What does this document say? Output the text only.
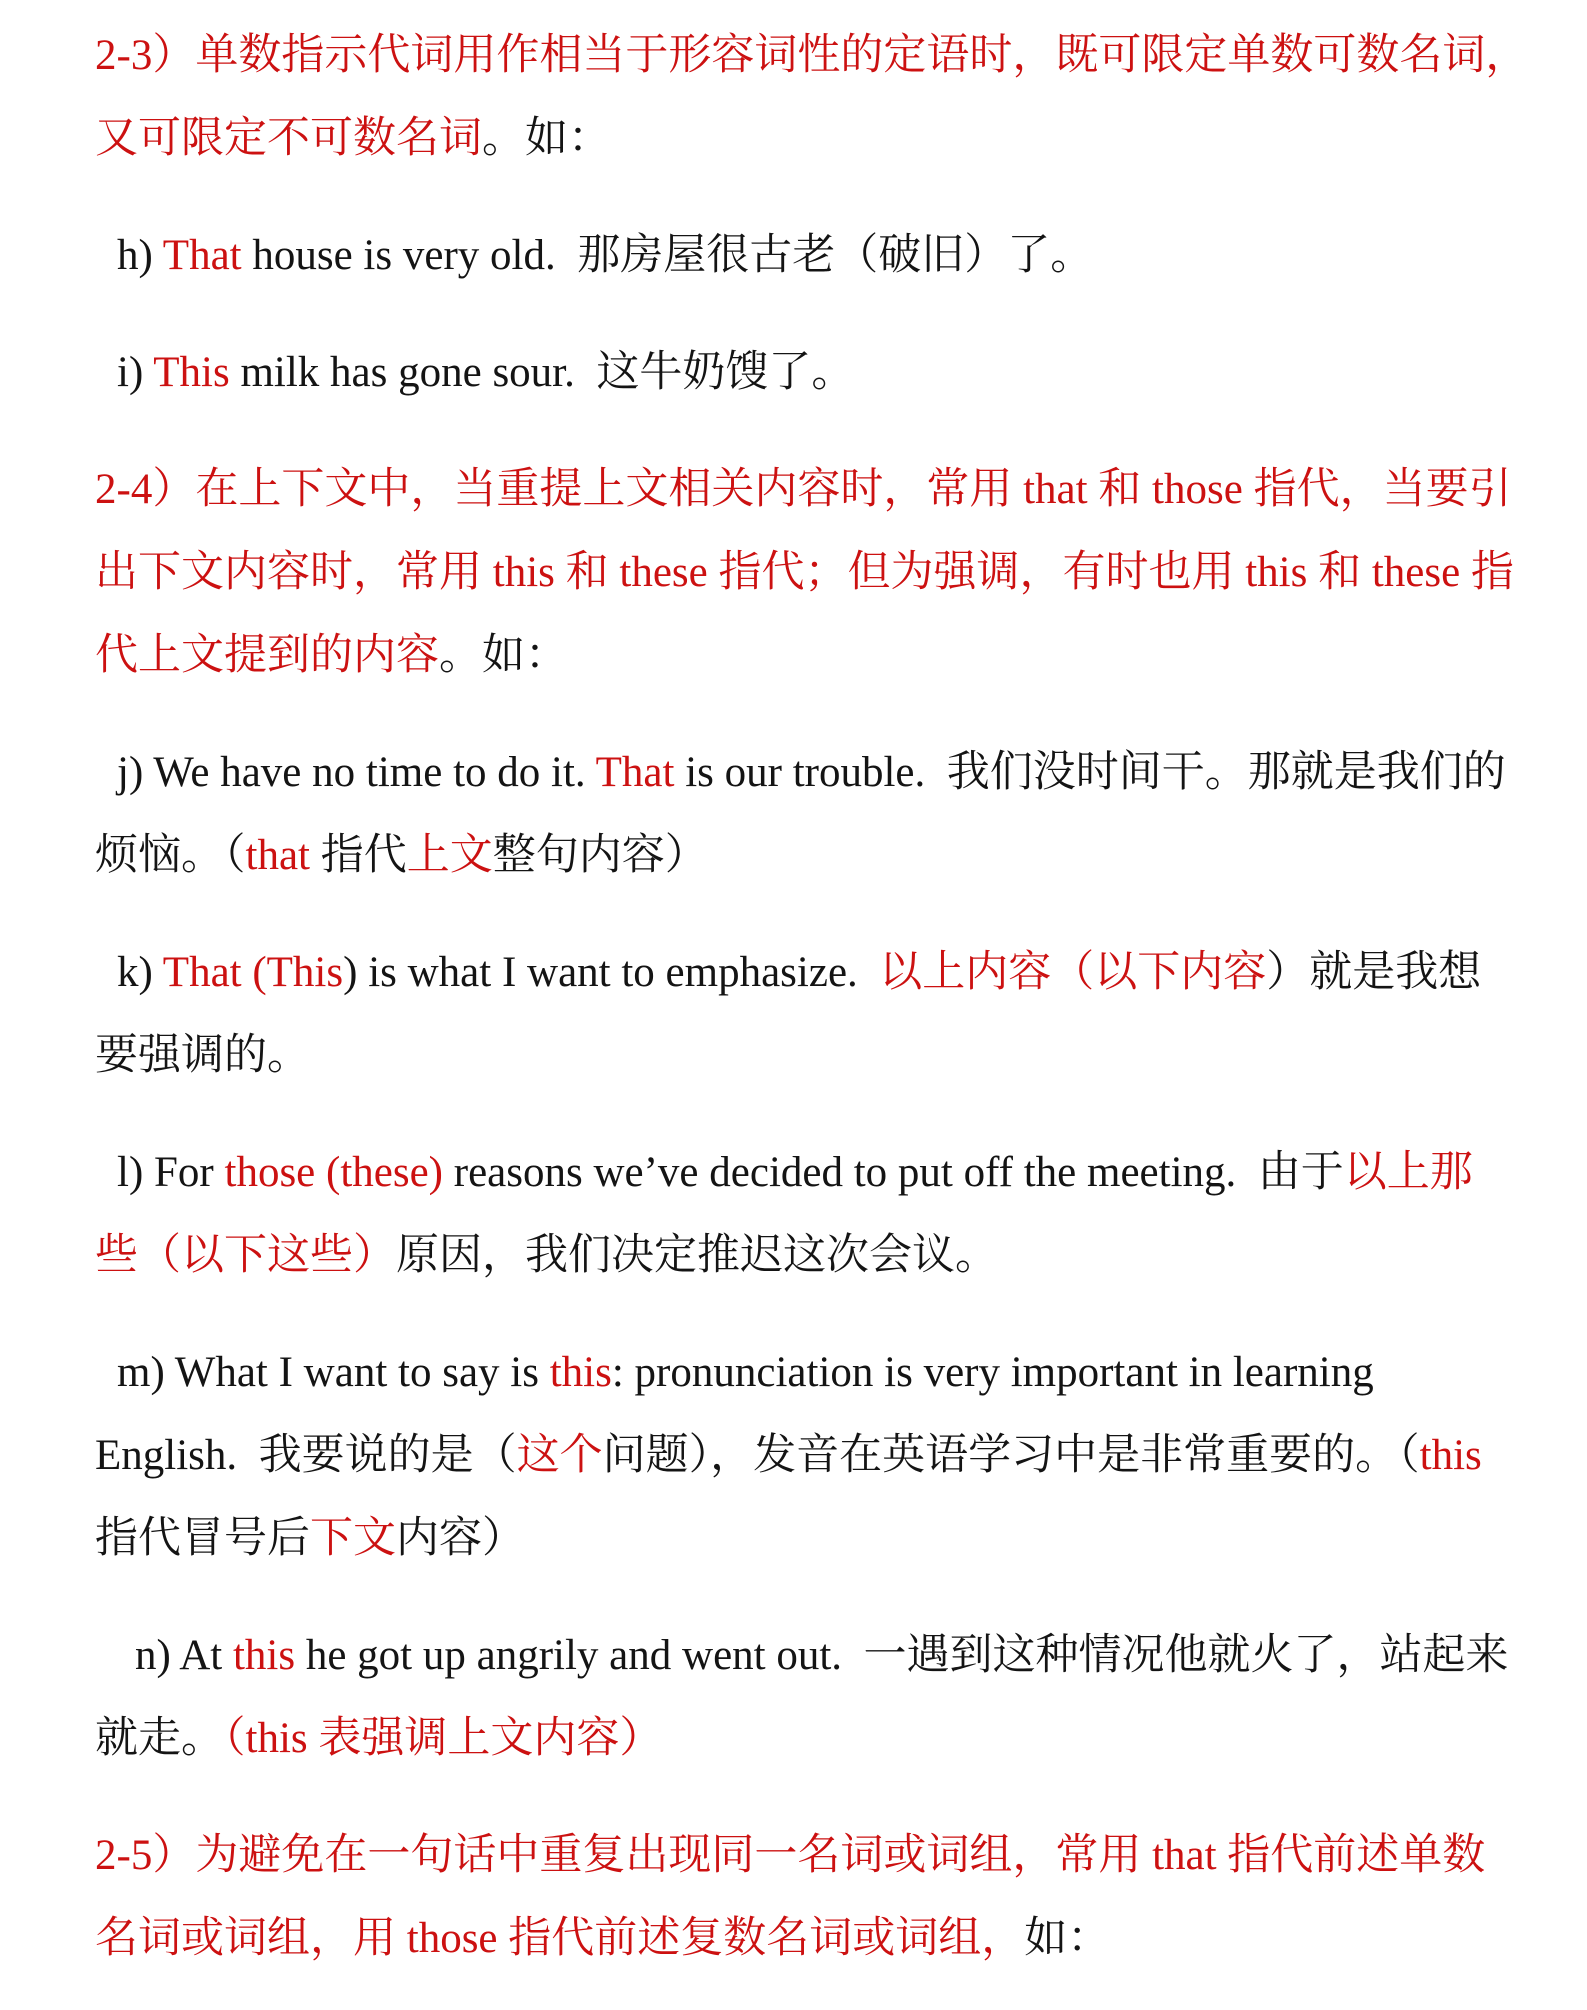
2-3）单数指示代词用作相当于形容词性的定语时，既可限定单数可数名词，
又可限定不可数名词。如：
h) That house is very old.  那房屋很古老（破旧）了。
i) This milk has gone sour.  这牛奶馊了。
2-4）在上下文中，当重提上文相关内容时，常用 that 和 those 指代，当要引
出下文内容时，常用 this 和 these 指代；但为强调，有时也用 this 和 these 指
代上文提到的内容。如：
j) We have no time to do it. That is our trouble.  我们没时间干。那就是我们的
烦恼。（that 指代上文整句内容）
k) That (This) is what I want to emphasize.  以上内容（以下内容）就是我想
要强调的。
l) For those (these) reasons we’ve decided to put off the meeting.  由于以上那
些（以下这些）原因，我们决定推迟这次会议。
m) What I want to say is this: pronunciation is very important in learning
English.  我要说的是（这个问题），发音在英语学习中是非常重要的。（this
指代冒号后下文内容）
n) At this he got up angrily and went out.  一遇到这种情况他就火了，站起来
就走。（this 表强调上文内容）
2-5）为避免在一句话中重复出现同一名词或词组，常用 that 指代前述单数
名词或词组，用 those 指代前述复数名词或词组，如：
